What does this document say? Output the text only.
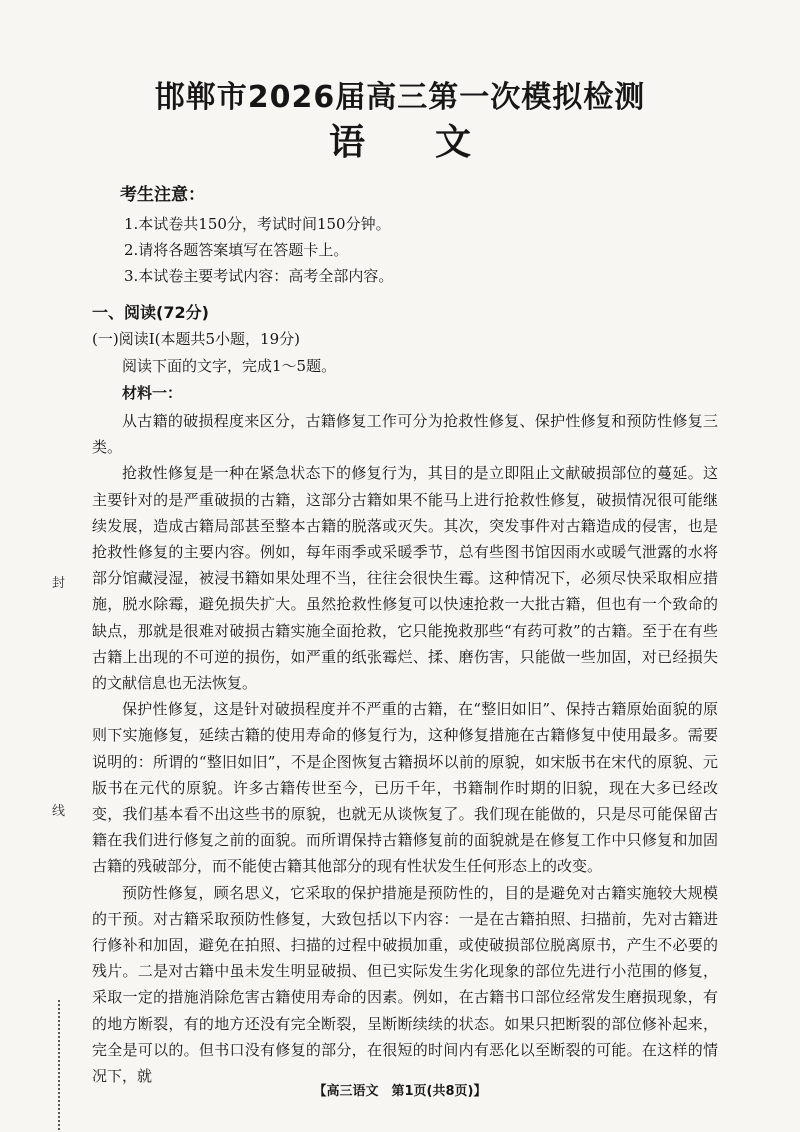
邯郸市2026届高三第一次模拟检测
语文
考生注意：
1.本试卷共150分，考试时间150分钟。
2.请将各题答案填写在答题卡上。
3.本试卷主要考试内容：高考全部内容。
一、阅读(72分)
(一)阅读Ⅰ(本题共5小题，19分)
阅读下面的文字，完成1～5题。
材料一：

从古籍的破损程度来区分，古籍修复工作可分为抢救性修复、保护性修复和预防性修复三类。

抢救性修复是一种在紧急状态下的修复行为，其目的是立即阻止文献破损部位的蔓延。这主要针对的是严重破损的古籍，这部分古籍如果不能马上进行抢救性修复，破损情况很可能继续发展，造成古籍局部甚至整本古籍的脱落或灭失。其次，突发事件对古籍造成的侵害，也是抢救性修复的主要内容。例如，每年雨季或采暖季节，总有些图书馆因雨水或暖气泄露的水将部分馆藏浸湿，被浸书籍如果处理不当，往往会很快生霉。这种情况下，必须尽快采取相应措施，脱水除霉，避免损失扩大。虽然抢救性修复可以快速抢救一大批古籍，但也有一个致命的缺点，那就是很难对破损古籍实施全面抢救，它只能挽救那些“有药可救”的古籍。至于在有些古籍上出现的不可逆的损伤，如严重的纸张霉烂、揉、磨伤害，只能做一些加固，对已经损失的文献信息也无法恢复。

保护性修复，这是针对破损程度并不严重的古籍，在“整旧如旧”、保持古籍原始面貌的原则下实施修复，延续古籍的使用寿命的修复行为，这种修复措施在古籍修复中使用最多。需要说明的：所谓的“整旧如旧”，不是企图恢复古籍损坏以前的原貌，如宋版书在宋代的原貌、元版书在元代的原貌。许多古籍传世至今，已历千年，书籍制作时期的旧貌，现在大多已经改变，我们基本看不出这些书的原貌，也就无从谈恢复了。我们现在能做的，只是尽可能保留古籍在我们进行修复之前的面貌。而所谓保持古籍修复前的面貌就是在修复工作中只修复和加固古籍的残破部分，而不能使古籍其他部分的现有性状发生任何形态上的改变。

预防性修复，顾名思义，它采取的保护措施是预防性的，目的是避免对古籍实施较大规模的干预。对古籍采取预防性修复，大致包括以下内容：一是在古籍拍照、扫描前，先对古籍进行修补和加固，避免在拍照、扫描的过程中破损加重，或使破损部位脱离原书，产生不必要的残片。二是对古籍中虽未发生明显破损、但已实际发生劣化现象的部位先进行小范围的修复，采取一定的措施消除危害古籍使用寿命的因素。例如，在古籍书口部位经常发生磨损现象，有的地方断裂，有的地方还没有完全断裂，呈断断续续的状态。如果只把断裂的部位修补起来，完全是可以的。但书口没有修复的部分，在很短的时间内有恶化以至断裂的可能。在这样的情况下，就

封
线
【高三语文　第1页(共8页)】
